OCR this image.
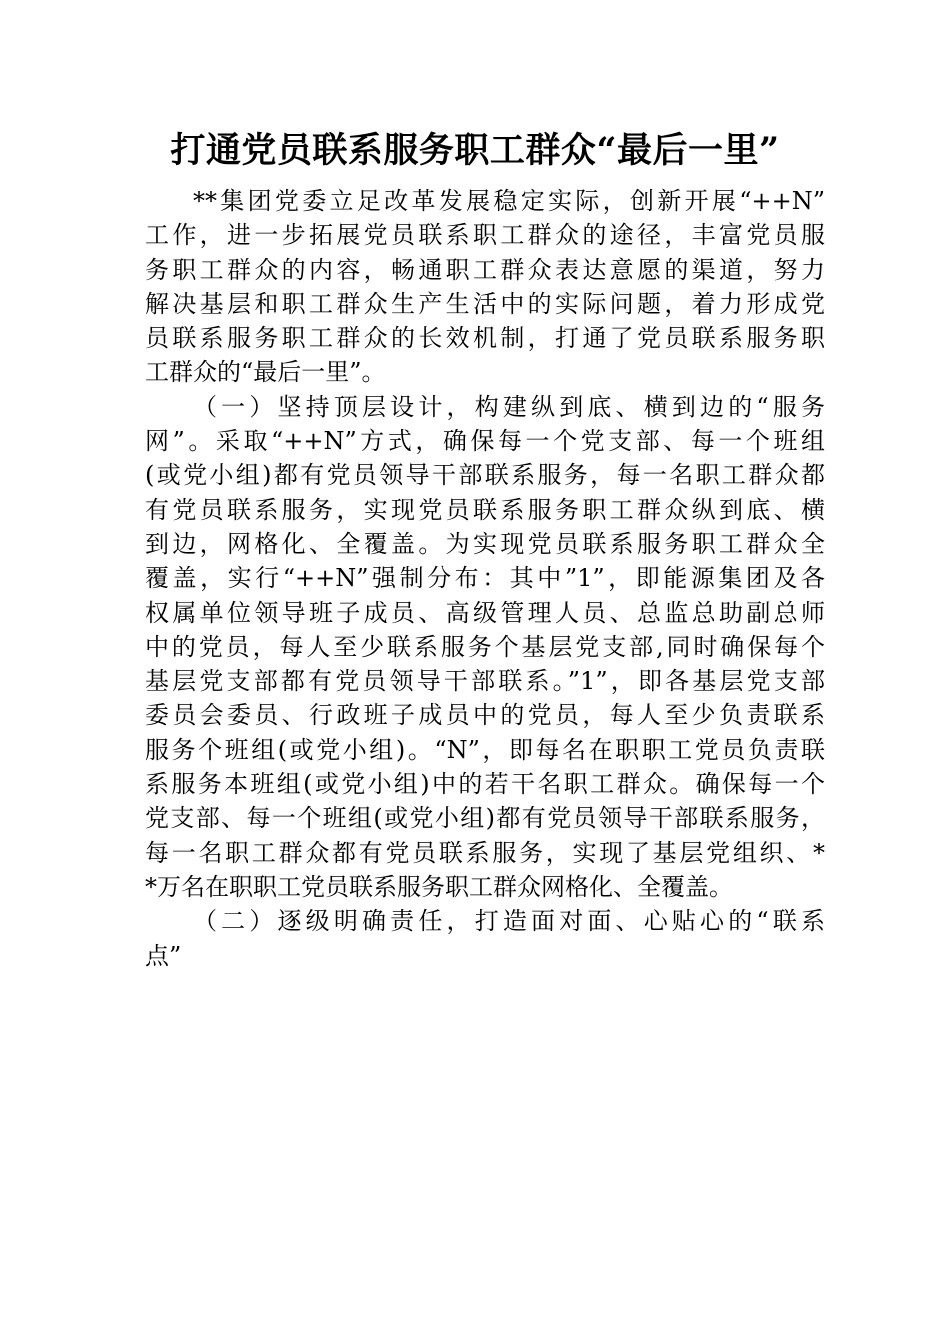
打通党员联系服务职工群众“最后一里”
**集团党委立足改革发展稳定实际，创新开展“++N”
工作，进一步拓展党员联系职工群众的途径，丰富党员服
务职工群众的内容，畅通职工群众表达意愿的渠道，努力
解决基层和职工群众生产生活中的实际问题，着力形成党
员联系服务职工群众的长效机制，打通了党员联系服务职
工群众的“最后一里”。
（一）坚持顶层设计，构建纵到底、横到边的“服务
网”。采取“++N”方式，确保每一个党支部、每一个班组
(或党小组)都有党员领导干部联系服务，每一名职工群众都
有党员联系服务，实现党员联系服务职工群众纵到底、横
到边，网格化、全覆盖。为实现党员联系服务职工群众全
覆盖，实行“++N”强制分布：其中”1”，即能源集团及各
权属单位领导班子成员、高级管理人员、总监总助副总师
中的党员，每人至少联系服务个基层党支部,同时确保每个
基层党支部都有党员领导干部联系。”1”，即各基层党支部
委员会委员、行政班子成员中的党员，每人至少负责联系
服务个班组(或党小组)。“N”，即每名在职职工党员负责联
系服务本班组(或党小组)中的若干名职工群众。确保每一个
党支部、每一个班组(或党小组)都有党员领导干部联系服务，
每一名职工群众都有党员联系服务，实现了基层党组织、*
*万名在职职工党员联系服务职工群众网格化、全覆盖。
（二）逐级明确责任，打造面对面、心贴心的“联系
点”
